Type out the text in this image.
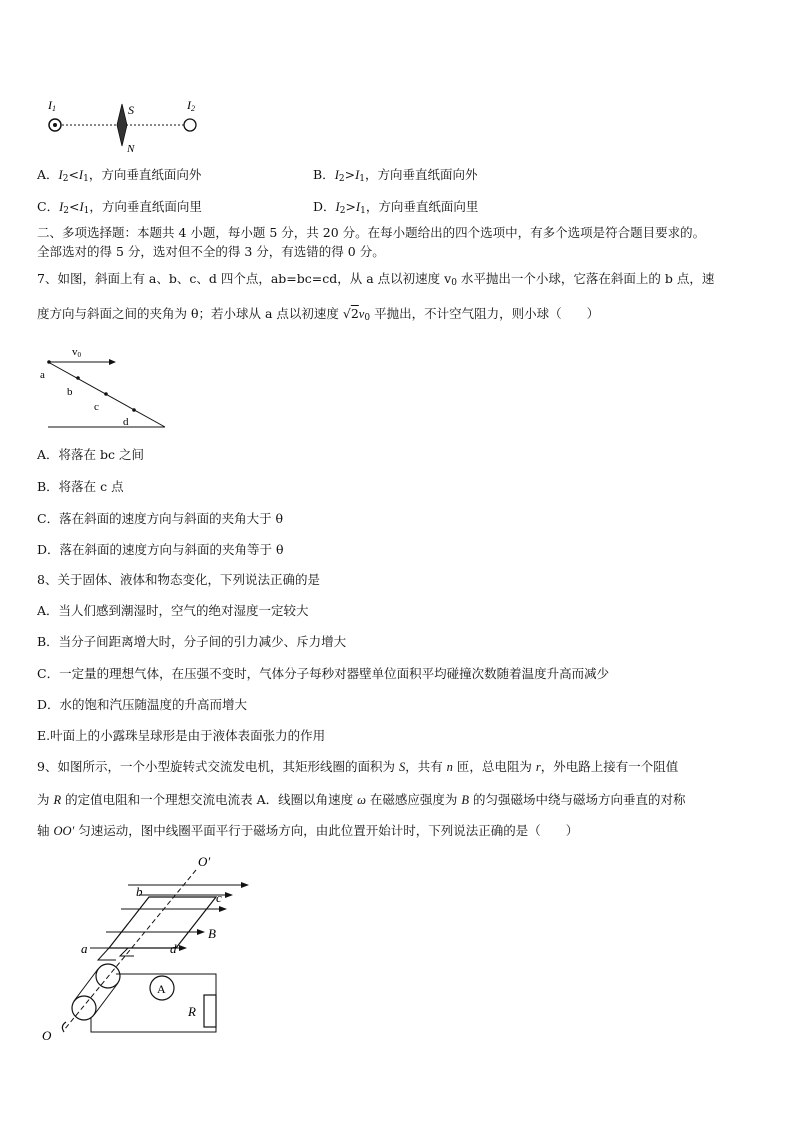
I1	S	I2
N
A．$I_2<I_1$，方向垂直纸面向外	B．$I_2>I_1$，方向垂直纸面向外
C．$I_2<I_1$，方向垂直纸面向里	D．$I_2>I_1$，方向垂直纸面向里
二、多项选择题：本题共 4 小题，每小题 5 分，共 20 分。在每小题给出的四个选项中，有多个选项是符合题目要求的。
全部选对的得 5 分，选对但不全的得 3 分，有选错的得 0 分。
7、如图，斜面上有 a、b、c、d 四个点，ab=bc=cd，从 a 点以初速度 $v_0$ 水平抛出一个小球，它落在斜面上的 b 点，速
度方向与斜面之间的夹角为 θ；若小球从 a 点以初速度 $√2v_0$ 平抛出，不计空气阻力，则小球（　　）
v0
a
b
c
d
A．将落在 bc 之间
B．将落在 c 点
C．落在斜面的速度方向与斜面的夹角大于 θ
D．落在斜面的速度方向与斜面的夹角等于 θ
8、关于固体、液体和物态变化，下列说法正确的是
A．当人们感到潮湿时，空气的绝对湿度一定较大
B．当分子间距离增大时，分子间的引力减少、斥力增大
C．一定量的理想气体，在压强不变时，气体分子每秒对器壁单位面积平均碰撞次数随着温度升高而减少
D．水的饱和汽压随温度的升高而增大
E.叶面上的小露珠呈球形是由于液体表面张力的作用
9、如图所示，一个小型旋转式交流发电机，其矩形线圈的面积为 S，共有 n 匝，总电阻为 r，外电路上接有一个阻值
为 R 的定值电阻和一个理想交流电流表 A．线圈以角速度 ω 在磁感应强度为 B 的匀强磁场中绕与磁场方向垂直的对称
轴 OO′ 匀速运动，图中线圈平面平行于磁场方向，由此位置开始计时，下列说法正确的是（　　）
O′
b	c
a	d
B
A
R
O
